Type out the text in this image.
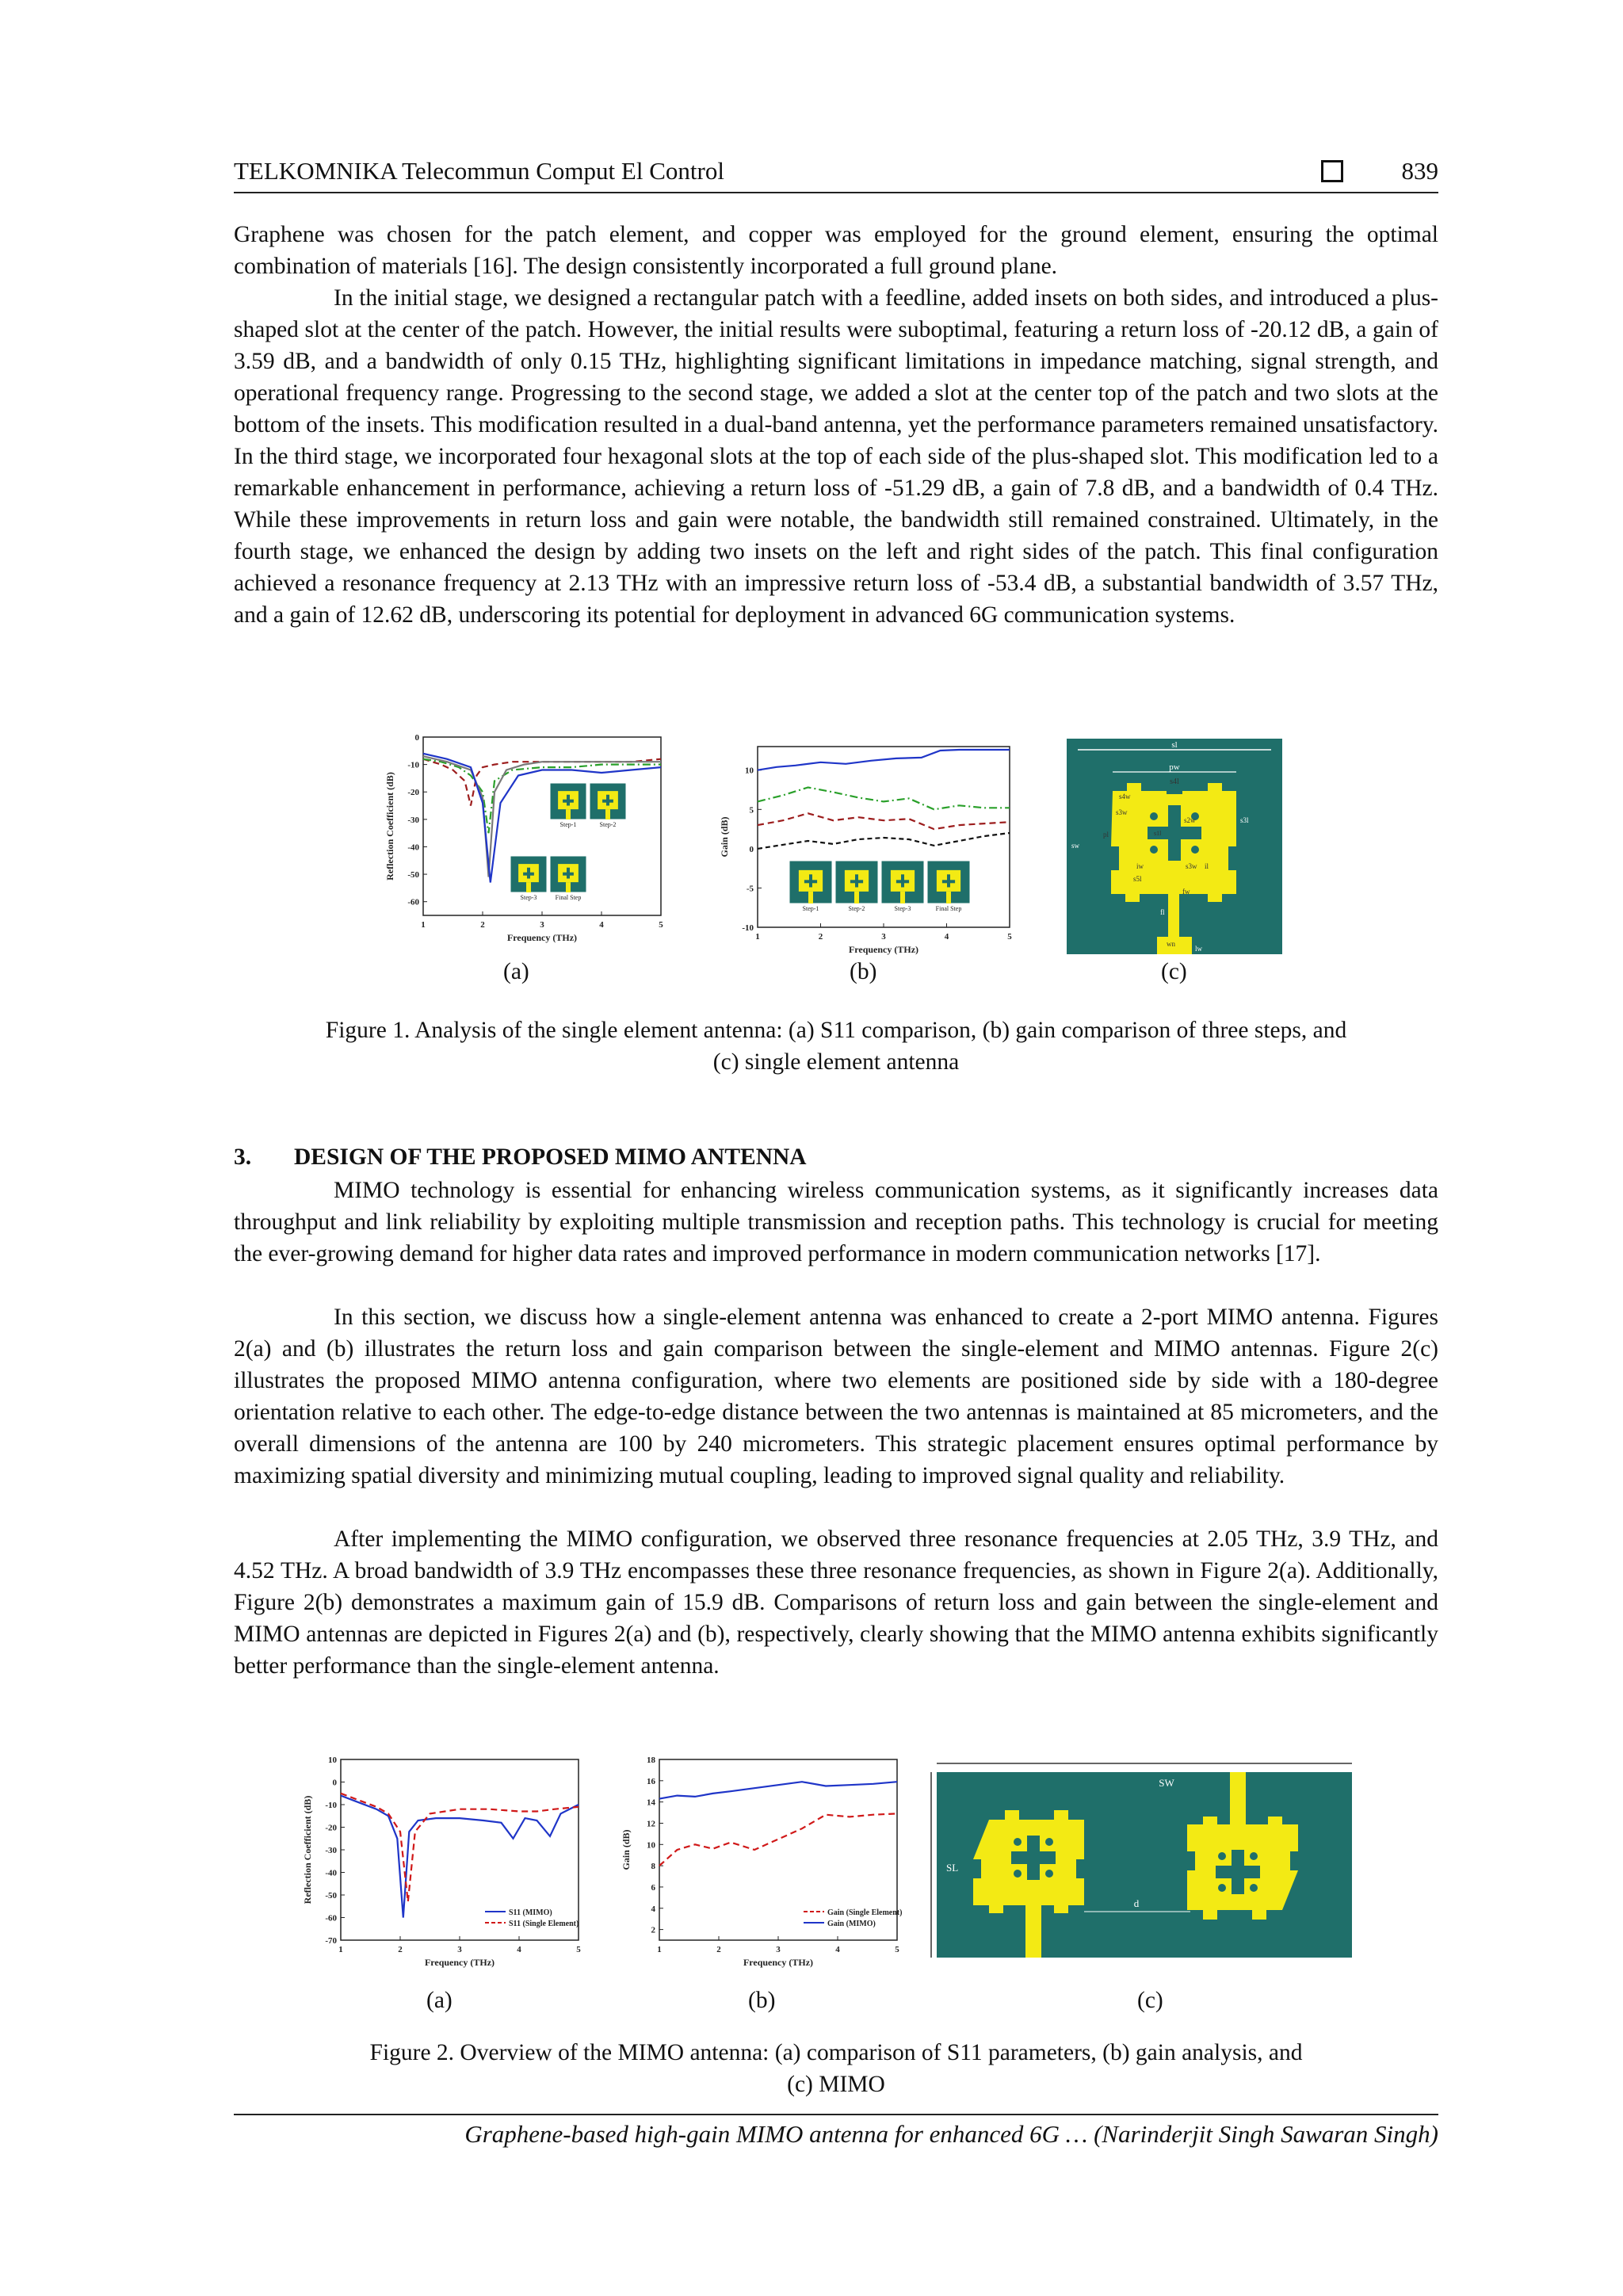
TELKOMNIKA Telecommun Comput El Control	839

Graphene was chosen for the patch element, and copper was employed for the ground element, ensuring the optimal combination of materials [16]. The design consistently incorporated a full ground plane.

In the initial stage, we designed a rectangular patch with a feedline, added insets on both sides, and introduced a plus-shaped slot at the center of the patch. However, the initial results were suboptimal, featuring a return loss of -20.12 dB, a gain of 3.59 dB, and a bandwidth of only 0.15 THz, highlighting significant limitations in impedance matching, signal strength, and operational frequency range. Progressing to the second stage, we added a slot at the center top of the patch and two slots at the bottom of the insets. This modification resulted in a dual-band antenna, yet the performance parameters remained unsatisfactory. In the third stage, we incorporated four hexagonal slots at the top of each side of the plus-shaped slot. This modification led to a remarkable enhancement in performance, achieving a return loss of -51.29 dB, a gain of 7.8 dB, and a bandwidth of 0.4 THz. While these improvements in return loss and gain were notable, the bandwidth still remained constrained. Ultimately, in the fourth stage, we enhanced the design by adding two insets on the left and right sides of the patch. This final configuration achieved a resonance frequency at 2.13 THz with an impressive return loss of -53.4 dB, a substantial bandwidth of 3.57 THz, and a gain of 12.62 dB, underscoring its potential for deployment in advanced 6G communication systems.

1	2	3	4	5
0
-10
-20
-30
-40
-50
-60
Frequency (THz)
Reflection Coefficient (dB)	Step-1	Step-2
Step-3	Final Step
1	2	3	4	5
10
5
0
-5
-10
Frequency (THz)
Gain (dB)
Step-1	Step-2	Step-3	Final Step
sl
pw
s4l
s4w
s3w
s2w	s3l
pl
sw
s1l
iw	s3w il
s5l
fw
fl
wn
lw
(a)	(b)	(c)
Figure 1. Analysis of the single element antenna: (a) S11 comparison, (b) gain comparison of three steps, and
(c) single element antenna
3. DESIGN OF THE PROPOSED MIMO ANTENNA

MIMO technology is essential for enhancing wireless communication systems, as it significantly increases data throughput and link reliability by exploiting multiple transmission and reception paths. This technology is crucial for meeting the ever-growing demand for higher data rates and improved performance in modern communication networks [17].

In this section, we discuss how a single-element antenna was enhanced to create a 2-port MIMO antenna. Figures 2(a) and (b) illustrates the return loss and gain comparison between the single-element and MIMO antennas. Figure 2(c) illustrates the proposed MIMO antenna configuration, where two elements are positioned side by side with a 180-degree orientation relative to each other. The edge-to-edge distance between the two antennas is maintained at 85 micrometers, and the overall dimensions of the antenna are 100 by 240 micrometers. This strategic placement ensures optimal performance by maximizing spatial diversity and minimizing mutual coupling, leading to improved signal quality and reliability.

After implementing the MIMO configuration, we observed three resonance frequencies at 2.05 THz, 3.9 THz, and 4.52 THz. A broad bandwidth of 3.9 THz encompasses these three resonance frequencies, as shown in Figure 2(a). Additionally, Figure 2(b) demonstrates a maximum gain of 15.9 dB. Comparisons of return loss and gain between the single-element and MIMO antennas are depicted in Figures 2(a) and (b), respectively, clearly showing that the MIMO antenna exhibits significantly better performance than the single-element antenna.

1	2	3	4	5
10
0
-10
-20
-30
-40
-50
-60
-70
Frequency (THz)
Reflection Coefficient (dB)
S11 (MIMO)
S11 (Single Element)
1	2	3	4	5
18
16
14
12
10
8
6
4
2
Frequency (THz)
Gain (dB)
Gain (Single Element)
Gain (MIMO)
SW
SL
d
(a)	(b)	(c)
Figure 2. Overview of the MIMO antenna: (a) comparison of S11 parameters, (b) gain analysis, and
(c) MIMO
Graphene-based high-gain MIMO antenna for enhanced 6G … (Narinderjit Singh Sawaran Singh)
